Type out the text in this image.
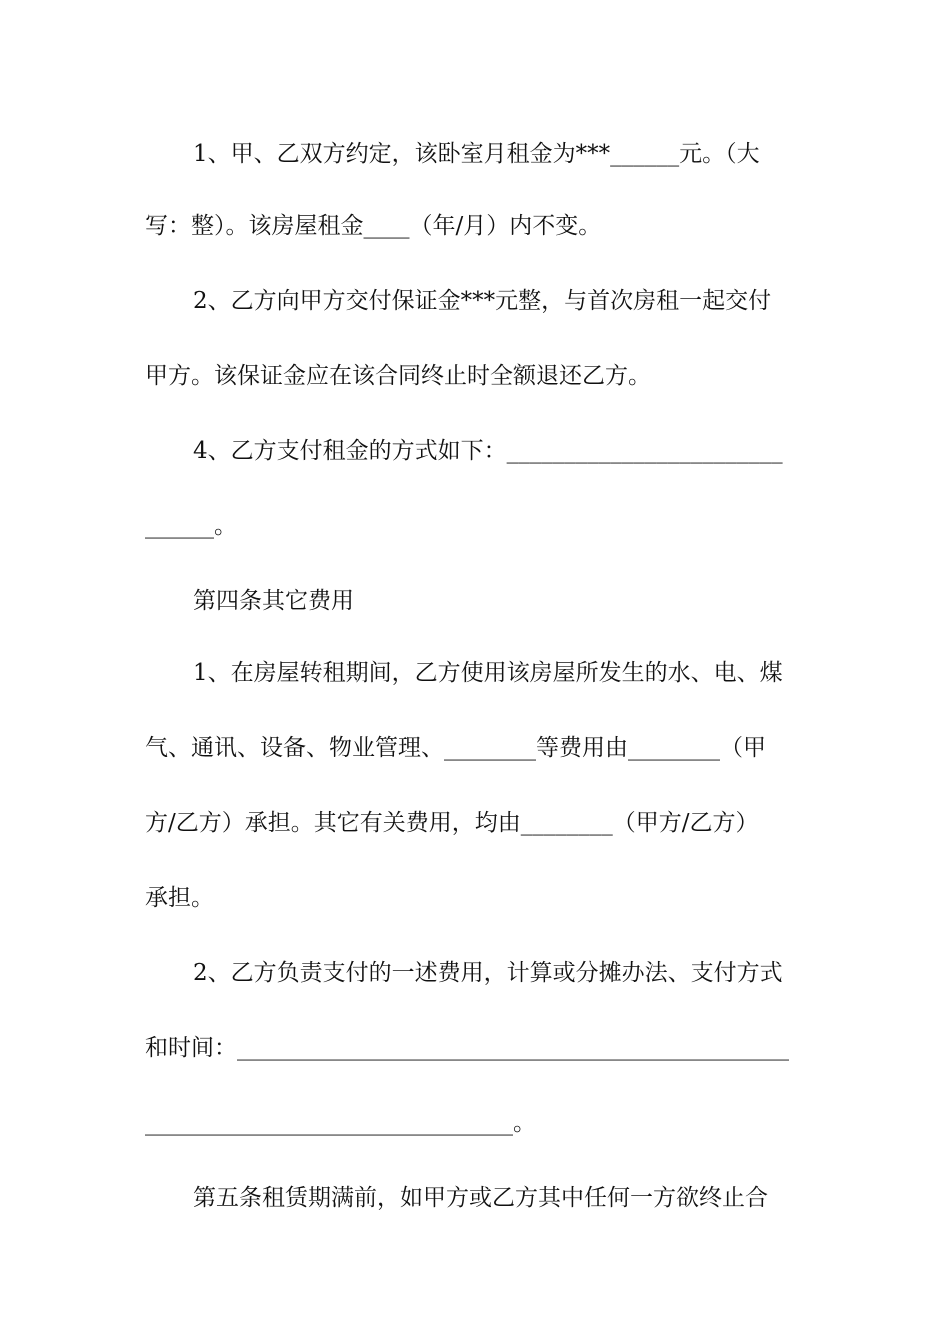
1、甲、乙双方约定，该卧室月租金为***______元。（大
写：整）。该房屋租金____（年/月）内不变。
2、乙方向甲方交付保证金***元整，与首次房租一起交付
甲方。该保证金应在该合同终止时全额退还乙方。
4、乙方支付租金的方式如下：________________________
______。
第四条其它费用
1、在房屋转租期间，乙方使用该房屋所发生的水、电、煤
气、通讯、设备、物业管理、________等费用由________（甲
方/乙方）承担。其它有关费用，均由________（甲方/乙方）
承担。
2、乙方负责支付的一述费用，计算或分摊办法、支付方式
和时间：________________________________________________
________________________________。
第五条租赁期满前，如甲方或乙方其中任何一方欲终止合
